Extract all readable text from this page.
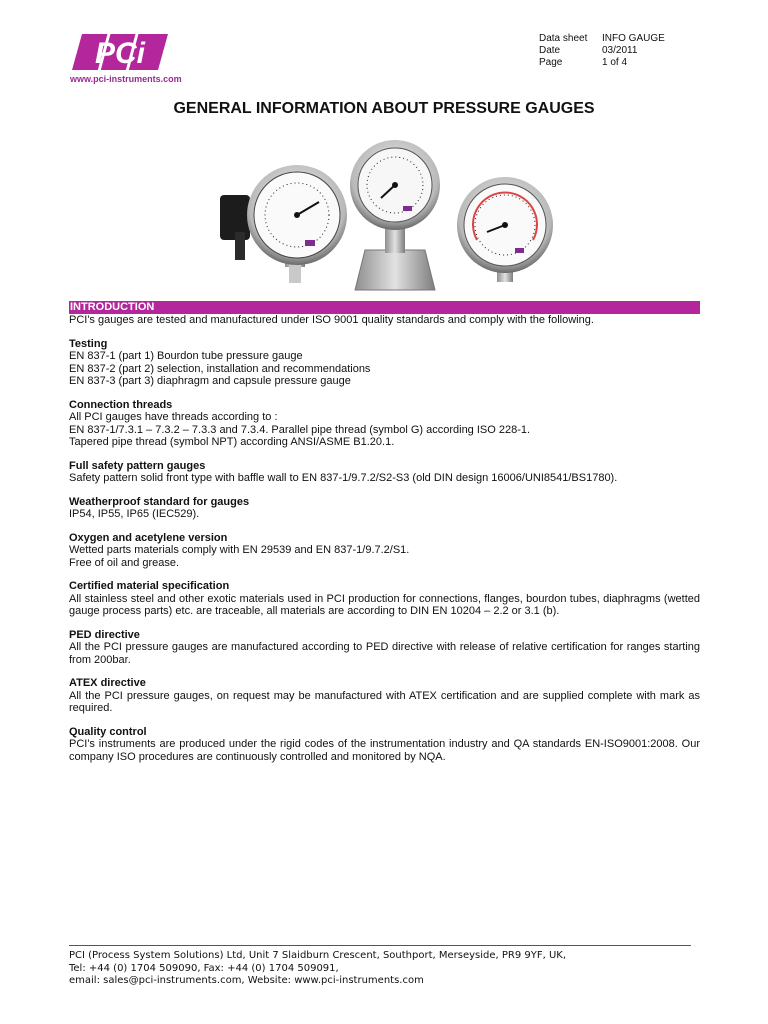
PCi
www.pci-instruments.com
Data sheet	INFO GAUGE
Date	03/2011
Page	1 of 4
GENERAL INFORMATION ABOUT PRESSURE GAUGES
INTRODUCTION
PCI's gauges are tested and manufactured under ISO 9001 quality standards and comply with the following.
Testing
EN 837-1 (part 1) Bourdon tube pressure gauge
EN 837-2 (part 2) selection, installation and recommendations
EN 837-3 (part 3) diaphragm and capsule pressure gauge
Connection threads
All PCI gauges have threads according to :
EN 837-1/7.3.1 – 7.3.2 – 7.3.3 and 7.3.4. Parallel pipe thread (symbol G) according ISO 228-1.
Tapered pipe thread (symbol NPT) according ANSI/ASME B1.20.1.
Full safety pattern gauges
Safety pattern solid front type with baffle wall to EN 837-1/9.7.2/S2-S3 (old DIN design 16006/UNI8541/BS1780).
Weatherproof standard for gauges
IP54, IP55, IP65 (IEC529).
Oxygen and acetylene version
Wetted parts materials comply with EN 29539 and EN 837-1/9.7.2/S1.
Free of oil and grease.
Certified material specification
All stainless steel and other exotic materials used in PCI production for connections, flanges, bourdon tubes, diaphragms (wetted gauge process parts) etc. are traceable, all materials are according to DIN EN 10204 – 2.2 or 3.1 (b).
PED directive
All the PCI pressure gauges are manufactured according to PED directive with release of relative certification for ranges starting from 200bar.
ATEX directive
All the PCI pressure gauges, on request may be manufactured with ATEX certification and are supplied complete with mark as required.
Quality control
PCI's instruments are produced under the rigid codes of the instrumentation industry and QA standards EN-ISO9001:2008. Our company ISO procedures are continuously controlled and monitored by NQA.
PCI (Process System Solutions) Ltd, Unit 7 Slaidburn Crescent, Southport, Merseyside, PR9 9YF, UK,
Tel: +44 (0) 1704 509090, Fax: +44 (0) 1704 509091,
email: sales@pci-instruments.com, Website: www.pci-instruments.com
